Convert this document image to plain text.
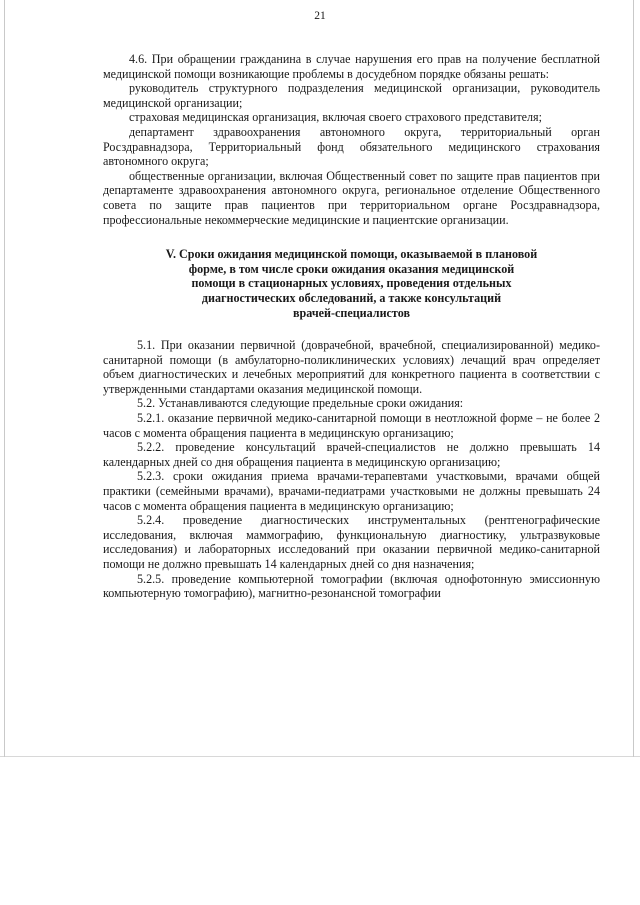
21

4.6. При обращении гражданина в случае нарушения его прав на получение бесплатной медицинской помощи возникающие проблемы в досудебном порядке обязаны решать:

руководитель структурного подразделения медицинской организации, руководитель медицинской организации;

страховая медицинская организация, включая своего страхового представителя;

департамент здравоохранения автономного округа, территориальный орган Росздравнадзора, Территориальный фонд обязательного медицинского страхования автономного округа;

общественные организации, включая Общественный совет по защите прав пациентов при департаменте здравоохранения автономного округа, региональное отделение Общественного совета по защите прав пациентов при территориальном органе Росздравнадзора, профессиональные некоммерческие медицинские и пациентские организации.

V. Сроки ожидания медицинской помощи, оказываемой в плановой
форме, в том числе сроки ожидания оказания медицинской
помощи в стационарных условиях, проведения отдельных
диагностических обследований, а также консультаций
врачей-специалистов

5.1. При оказании первичной (доврачебной, врачебной, специализированной) медико-санитарной помощи (в амбулаторно-поликлинических условиях) лечащий врач определяет объем диагностических и лечебных мероприятий для конкретного пациента в соответствии с утвержденными стандартами оказания медицинской помощи.

5.2. Устанавливаются следующие предельные сроки ожидания:

5.2.1. оказание первичной медико-санитарной помощи в неотложной форме – не более 2 часов с момента обращения пациента в медицинскую организацию;

5.2.2. проведение консультаций врачей-специалистов не должно превышать 14 календарных дней со дня обращения пациента в медицинскую организацию;

5.2.3. сроки ожидания приема врачами-терапевтами участковыми, врачами общей практики (семейными врачами), врачами-педиатрами участковыми не должны превышать 24 часов с момента обращения пациента в медицинскую организацию;

5.2.4. проведение диагностических инструментальных (рентгенографические исследования, включая маммографию, функциональную диагностику, ультразвуковые исследования) и лабораторных исследований при оказании первичной медико-санитарной помощи не должно превышать 14 календарных дней со дня назначения;

5.2.5. проведение компьютерной томографии (включая однофотонную эмиссионную компьютерную томографию), магнитно-резонансной томографии
